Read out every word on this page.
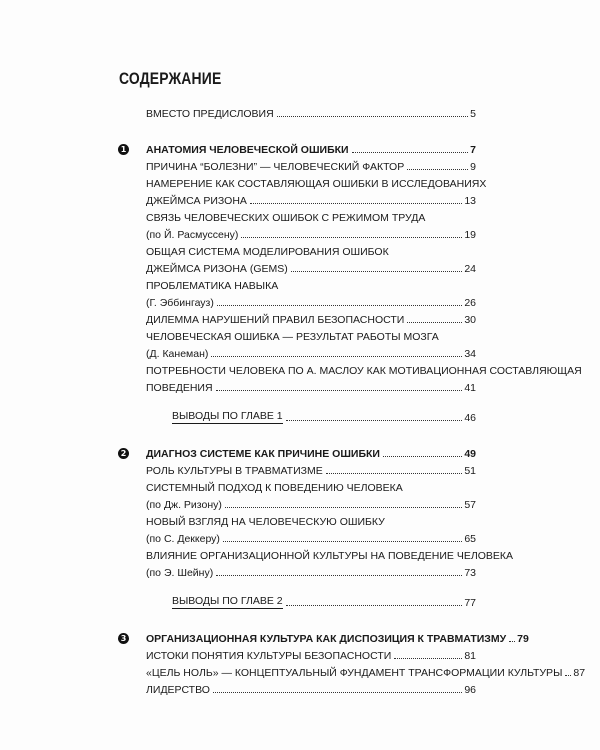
СОДЕРЖАНИЕ
ВМЕСТО ПРЕДИСЛОВИЯ	5
АНАТОМИЯ ЧЕЛОВЕЧЕСКОЙ ОШИБКИ	7
1
ПРИЧИНА “БОЛЕЗНИ” — ЧЕЛОВЕЧЕСКИЙ ФАКТОР	9
НАМЕРЕНИЕ КАК СОСТАВЛЯЮЩАЯ ОШИБКИ В ИССЛЕДОВАНИЯХ
ДЖЕЙМСА РИЗОНА	13
СВЯЗЬ ЧЕЛОВЕЧЕСКИХ ОШИБОК С РЕЖИМОМ ТРУДА
(по Й. Расмуссену)	19
ОБЩАЯ СИСТЕМА МОДЕЛИРОВАНИЯ ОШИБОК
ДЖЕЙМСА РИЗОНА (GEMS)	24
ПРОБЛЕМАТИКА НАВЫКА
(Г. Эббингауз)	26
ДИЛЕММА НАРУШЕНИЙ ПРАВИЛ БЕЗОПАСНОСТИ	30
ЧЕЛОВЕЧЕСКАЯ ОШИБКА — РЕЗУЛЬТАТ РАБОТЫ МОЗГА
(Д. Канеман)	34
ПОТРЕБНОСТИ ЧЕЛОВЕКА ПО А. МАСЛОУ КАК МОТИВАЦИОННАЯ СОСТАВЛЯЮЩАЯ
ПОВЕДЕНИЯ	41
ВЫВОДЫ ПО ГЛАВЕ 1	46
ДИАГНОЗ СИСТЕМЕ КАК ПРИЧИНЕ ОШИБКИ	49
2
РОЛЬ КУЛЬТУРЫ В ТРАВМАТИЗМЕ	51
СИСТЕМНЫЙ ПОДХОД К ПОВЕДЕНИЮ ЧЕЛОВЕКА
(по Дж. Ризону)	57
НОВЫЙ ВЗГЛЯД НА ЧЕЛОВЕЧЕСКУЮ ОШИБКУ
(по С. Деккеру)	65
ВЛИЯНИЕ ОРГАНИЗАЦИОННОЙ КУЛЬТУРЫ НА ПОВЕДЕНИЕ ЧЕЛОВЕКА
(по Э. Шейну)	73
ВЫВОДЫ ПО ГЛАВЕ 2	77
ОРГАНИЗАЦИОННАЯ КУЛЬТУРА КАК ДИСПОЗИЦИЯ К ТРАВМАТИЗМУ 79
3
ИСТОКИ ПОНЯТИЯ КУЛЬТУРЫ БЕЗОПАСНОСТИ	81
«ЦЕЛЬ НОЛЬ» — КОНЦЕПТУАЛЬНЫЙ ФУНДАМЕНТ ТРАНСФОРМАЦИИ КУЛЬТУРЫ 87
ЛИДЕРСТВО	96
